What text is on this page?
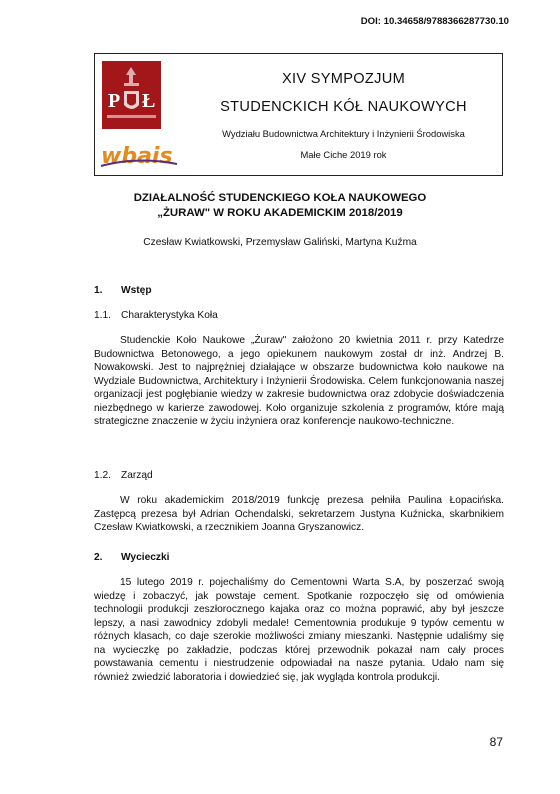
DOI: 10.34658/9788366287730.10
P Ł
wbais
XIV SYMPOZJUM
STUDENCKICH KÓŁ NAUKOWYCH
Wydziału Budownictwa Architektury i Inżynierii Środowiska
Małe Ciche 2019 rok
DZIAŁALNOŚĆ STUDENCKIEGO KOŁA NAUKOWEGO
„ŻURAW" W ROKU AKADEMICKIM 2018/2019
Czesław Kwiatkowski, Przemysław Galiński, Martyna Kuźma
1. Wstęp
1.1. Charakterystyka Koła

Studenckie Koło Naukowe „Żuraw" założono 20 kwietnia 2011 r. przy Katedrze Budownictwa Betonowego, a jego opiekunem naukowym został dr inż. Andrzej B. Nowakowski. Jest to najprężniej działające w obszarze budownictwa koło naukowe na Wydziale Budownictwa, Architektury i Inżynierii Środowiska. Celem funkcjonowania naszej organizacji jest pogłębianie wiedzy w zakresie budownictwa oraz zdobycie doświadczenia niezbędnego w karierze zawodowej. Koło organizuje szkolenia z programów, które mają strategiczne znaczenie w życiu inżyniera oraz konferencje naukowo-techniczne.

1.2. Zarząd

W roku akademickim 2018/2019 funkcję prezesa pełniła Paulina Łopacińska. Zastępcą prezesa był Adrian Ochendalski, sekretarzem Justyna Kuźnicka, skarbnikiem Czesław Kwiatkowski, a rzecznikiem Joanna Gryszanowicz.

2. Wycieczki

15 lutego 2019 r. pojechaliśmy do Cementowni Warta S.A, by poszerzać swoją wiedzę i zobaczyć, jak powstaje cement. Spotkanie rozpoczęło się od omówienia technologii produkcji zeszłorocznego kajaka oraz co można poprawić, aby był jeszcze lepszy, a nasi zawodnicy zdobyli medale! Cementownia produkuje 9 typów cementu w różnych klasach, co daje szerokie możliwości zmiany mieszanki. Następnie udaliśmy się na wycieczkę po zakładzie, podczas której przewodnik pokazał nam cały proces powstawania cementu i niestrudzenie odpowiadał na nasze pytania. Udało nam się również zwiedzić laboratoria i dowiedzieć się, jak wygląda kontrola produkcji.

87
